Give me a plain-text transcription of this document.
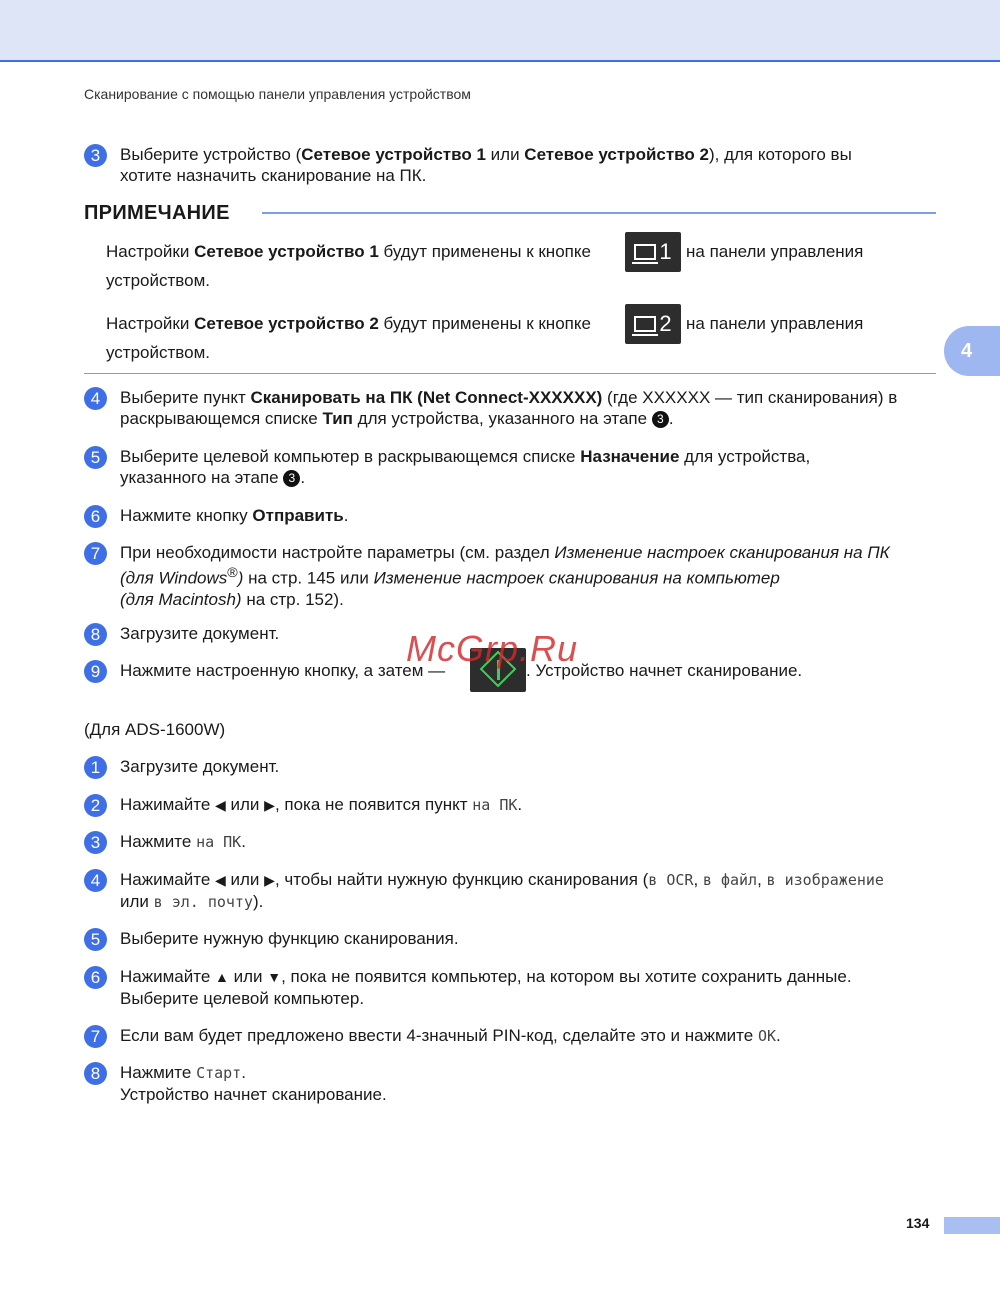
Сканирование с помощью панели управления устройством
4
3	Выберите устройство (Сетевое устройство 1 или Сетевое устройство 2), для которого вы
хотите назначить сканирование на ПК.
ПРИМЕЧАНИЕ
Настройки Сетевое устройство 1 будут применены к кнопке	1 на панели управления
устройством.
Настройки Сетевое устройство 2 будут применены к кнопке	2 на панели управления
устройством.
4	Выберите пункт Сканировать на ПК (Net Connect-XXXXXX) (где XXXXXX — тип сканирования) в
раскрывающемся списке Тип для устройства, указанного на этапе 3 .
5	Выберите целевой компьютер в раскрывающемся списке Назначение для устройства,
указанного на этапе 3 .
6	Нажмите кнопку Отправить.
7	При необходимости настройте параметры (см. раздел Изменение настроек сканирования на ПК
(для Windows®) на стр. 145 или Изменение настроек сканирования на компьютер
(для Macintosh) на стр. 152).
8	Загрузите документ.
9	Нажмите настроенную кнопку, а затем —	. Устройство начнет сканирование.
McGrp.Ru
(Для ADS-1600W)
1	Загрузите документ.
2	Нажимайте ◀ или ▶, пока не появится пункт на ПК.
3	Нажмите на ПК.
4	Нажимайте ◀ или ▶, чтобы найти нужную функцию сканирования (в OCR, в файл, в изображение
или в эл. почту).
5	Выберите нужную функцию сканирования.
6	Нажимайте ▲ или ▼, пока не появится компьютер, на котором вы хотите сохранить данные.
Выберите целевой компьютер.
7	Если вам будет предложено ввести 4-значный PIN-код, сделайте это и нажмите OK.
8	Нажмите Старт.
Устройство начнет сканирование.
134
